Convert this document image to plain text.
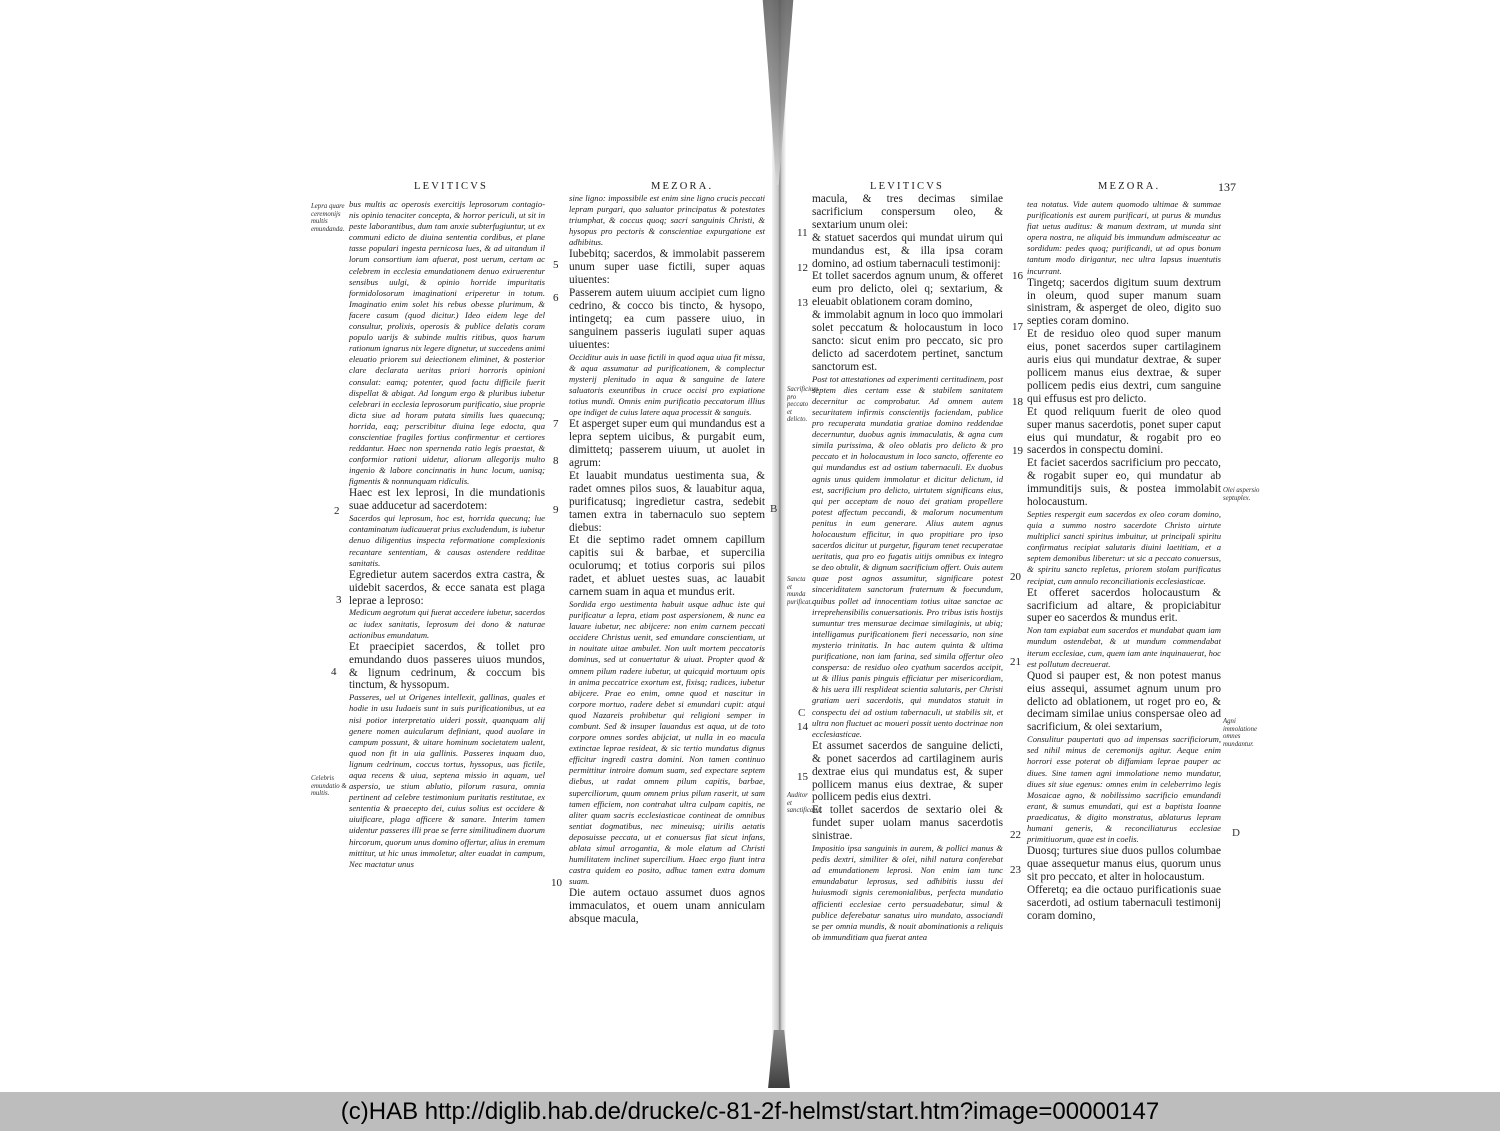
LEVITICVS	MEZORA.	LEVITICVS	MEZORA.	137

bus multis ac operosis exercitijs leprosorum contagio-nis opinio tenaciter concepta, & horror periculi, ut sit in peste laborantibus, dum tam anxie subterfugiuntur, ut ex communi edicto de diuina sententia cordibus, et plane tasse populari ingesta pernicosa lues, & ad uitandum il lorum consortium iam afuerat, post uerum, certam ac celebrem in ecclesia emundationem denuo exiruerentur sensibus uulgi, & opinio horride impuritatis formidolosorum imaginationi eriperetur in totum. Imaginatio enim solet his rebus obesse plurimum, & facere casum (quod dicitur.) Ideo eidem lege del consultur, prolixis, operosis & publice delatis coram populo uarijs & subinde multis ritibus, quos harum rationum ignarus nix legere dignetur, ut succedens animi eleuatio priorem sui deiectionem eliminet, & posterior clare declarata ueritas priori horroris opinioni consulat: eamq; potenter, quod factu difficile fuerit dispellat & abigat. Ad longum ergo & pluribus iubetur celebrari in ecclesia leprosorum purificatio, siue proprie dicta siue ad horam putata similis lues quaecunq; horrida, eaq; perscribitur diuina lege edocta, qua conscientiae fragiles fortius confirmentur et certiores reddantur. Haec non spernenda ratio legis praestat, & conformior rationi uidetur, aliorum allegorijs multo ingenio & labore concinnatis in hunc locum, uanisq; figmentis & nonnunquam ridiculis.

Haec est lex leprosi, In die mundationis suae adducetur ad sacerdotem:

Sacerdos qui leprosum, hoc est, horrida quecunq; lue contaminatum iudicauerat prius excludendum, is iubetur denuo diligentius inspecta reformatione complexionis recantare sententiam, & causas ostendere redditae sanitatis.

Egredietur autem sacerdos extra castra, & uidebit sacerdos, & ecce sanata est plaga leprae a leproso:

Medicum aegrotum qui fuerat accedere iubetur, sacerdos ac iudex sanitatis, leprosum dei dono & naturae actionibus emundatum.

Et praecipiet sacerdos, & tollet pro emundando duos passeres uiuos mundos, & lignum cedrinum, & coccum bis tinctum, & hyssopum.

Passeres, uel ut Origenes intellexit, gallinas, quales et hodie in usu Iudaeis sunt in suis purificationibus, ut ea nisi potior interpretatio uideri possit, quanquam alij genere nomen auicularum definiant, quod auolare in campum possunt, & uitare hominum societatem ualent, quod non fit in uia gallinis. Passeres inquam duo, lignum cedrinum, coccus tortus, hyssopus, uas fictile, aqua recens & uiua, septena missio in aquam, uel aspersio, ue stium ablutio, pilorum rasura, omnia pertinent ad celebre testimonium puritatis restitutae, ex sententia & praecepto dei, cuius solius est occidere & uiuificare, plaga afficere & sanare. Interim tamen uidentur passeres illi prae se ferre similitudinem duorum hircorum, quorum unus domino offertur, alius in eremum mittitur, ut hic unus immoletur, alter euadat in campum, Nec mactatur unus

sine ligno: impossibile est enim sine ligno crucis peccati lepram purgari, quo saluator principatus & potestates triumphat, & coccus quoq; sacri sanguinis Christi, & hysopus pro pectoris & conscientiae expurgatione est adhibitus.

Iubebitq; sacerdos, & immolabit passerem unum super uase fictili, super aquas uiuentes:

Passerem autem uiuum accipiet cum ligno cedrino, & cocco bis tincto, & hysopo, intingetq; ea cum passere uiuo, in sanguinem passeris iugulati super aquas uiuentes:

Occiditur auis in uase fictili in quod aqua uiua fit missa, & aqua assumatur ad purificationem, & complectur mysterij plenitudo in aqua & sanguine de latere saluatoris exeuntibus in cruce occisi pro expiatione totius mundi. Omnis enim purificatio peccatorum illius ope indiget de cuius latere aqua processit & sanguis.

Et asperget super eum qui mundandus est a lepra septem uicibus, & purgabit eum, dimittetq; passerem uiuum, ut auolet in agrum:

Et lauabit mundatus uestimenta sua, & radet omnes pilos suos, & lauabitur aqua, purificatusq; ingredietur castra, sedebit tamen extra in tabernaculo suo septem diebus:

Et die septimo radet omnem capillum capitis sui & barbae, et supercilia oculorumq; et totius corporis sui pilos radet, et abluet uestes suas, ac lauabit carnem suam in aqua et mundus erit.

Sordida ergo uestimenta habuit usque adhuc iste qui purificatur a lepra, etiam post aspersionem, & nunc ea lauare iubetur, nec abijcere: non enim carnem peccati occidere Christus uenit, sed emundare conscientiam, ut in nouitate uitae ambulet. Non uult mortem peccatoris dominus, sed ut conuertatur & uiuat. Propter quod & omnem pilum radere iubetur, ut quicquid mortuum opis in anima peccatrice exortum est, fixisq; radices, iubetur abijcere. Prae eo enim, omne quod et nascitur in corpore mortuo, radere debet si emundari cupit: atqui quod Nazareis prohibetur qui religioni semper in combunt. Sed & insuper lauandus est aqua, ut de toto corpore omnes sordes abijciat, ut nulla in eo macula extinctae leprae resideat, & sic tertio mundatus dignus efficitur ingredi castra domini. Non tamen continuo permittitur introire domum suam, sed expectare septem diebus, ut radat omnem pilum capitis, barbae, superciliorum, quum omnem prius pilum raserit, ut sam tamen efficiem, non contrahat ultra culpam capitis, ne aliter quam sacris ecclesiasticae contineat de omnibus sentiat dogmatibus, nec mineuisq; uirilis aetatis deposuisse peccata, ut et conuersus fiat sicut infans, ablata simul arrogantia, & mole elatum ad Christi humilitatem inclinet supercilium. Haec ergo fiunt intra castra quidem eo posito, adhuc tamen extra domum suam.

Die autem octauo assumet duos agnos immaculatos, et ouem unam anniculam absque macula,

macula, & tres decimas similae sacrificium conspersum oleo, & sextarium unum olei:

& statuet sacerdos qui mundat uirum qui mundandus est, & illa ipsa coram domino, ad ostium tabernaculi testimonij:

Et tollet sacerdos agnum unum, & offeret eum pro delicto, olei q; sextarium, & eleuabit oblationem coram domino,

& immolabit agnum in loco quo immolari solet peccatum & holocaustum in loco sancto: sicut enim pro peccato, sic pro delicto ad sacerdotem pertinet, sanctum sanctorum est.

Post tot attestationes ad experimenti certitudinem, post septem dies certam esse & stabilem sanitatem decernitur ac comprobatur. Ad omnem autem securitatem infirmis conscientijs faciendam, publice pro recuperata mundatia gratiae domino reddendae decernuntur, duobus agnis immaculatis, & agna cum simila purissima, & oleo oblatis pro delicto & pro peccato et in holocaustum in loco sancto, offerente eo qui mundandus est ad ostium tabernaculi. Ex duobus agnis unus quidem immolatur et dicitur delictum, id est, sacrificium pro delicto, uirtutem significans eius, qui per acceptam de nouo dei gratiam propellere potest affectum peccandi, & malorum nocumentum penitus in eum generare. Alius autem agnus holocaustum efficitur, in quo propitiare pro ipso sacerdos dicitur ut purgetur, figuram tenet recuperatae ueritatis, qua pro eo fugatis uitijs omnibus ex integro se deo obtulit, & dignum sacrificium offert. Ouis autem quae post agnos assumitur, significare potest sinceriditatem sanctorum fraternum & foecundum, quibus pollet ad innocentiam totius uitae sanctae ac irreprehensibilis conuersationis. Pro tribus istis hostijs sumuntur tres mensurae decimae similaginis, ut ubiq; intelligamus purificationem fieri necessario, non sine mysterio trinitatis. In hac autem quinta & ultima purificatione, non iam farina, sed simila offertur oleo conspersa: de residuo oleo cyathum sacerdos accipit, ut & illius panis pinguis efficiatur per misericordiam, & his uera illi resplideat scientia salutaris, per Christi gratiam ueri sacerdotis, qui mundatos statuit in conspectu dei ad ostium tabernaculi, ut stabilis sit, et ultra non fluctuet ac moueri possit uento doctrinae non ecclesiasticae.

Et assumet sacerdos de sanguine delicti, & ponet sacerdos ad cartilaginem auris dextrae eius qui mundatus est, & super pollicem manus eius dextrae, & super pollicem pedis eius dextri.

Et tollet sacerdos de sextario olei & fundet super uolam manus sacerdotis sinistrae.

Impositio ipsa sanguinis in aurem, & pollici manus & pedis dextri, similiter & olei, nihil natura conferebat ad emundationem leprosi. Non enim iam tunc emundabatur leprosus, sed adhibitis iussu dei huiusmodi signis ceremonialibus, perfecta mundatio afficienti ecclesiae certo persuadebatur, simul & publice deferebatur sanatus uiro mundato, associandi se per omnia mundis, & nouit abominationis a reliquis ob immunditiam qua fuerat antea

tea notatus. Vide autem quomodo ultimae & summae purificationis est aurem purificari, ut purus & mundus fiat uetus auditus: & manum dextram, ut munda sint opera nostra, ne aliquid bis immundum admisceatur ac sordidum: pedes quoq; purificandi, ut ad opus bonum tantum modo dirigantur, nec ultra lapsus inuentutis incurrant.

Tingetq; sacerdos digitum suum dextrum in oleum, quod super manum suam sinistram, & asperget de oleo, digito suo septies coram domino.

Et de residuo oleo quod super manum eius, ponet sacerdos super cartilaginem auris eius qui mundatur dextrae, & super pollicem manus eius dextrae, & super pollicem pedis eius dextri, cum sanguine qui effusus est pro delicto.

Et quod reliquum fuerit de oleo quod super manus sacerdotis, ponet super caput eius qui mundatur, & rogabit pro eo sacerdos in conspectu domini.

Et faciet sacerdos sacrificium pro peccato, & rogabit super eo, qui mundatur ab immunditijs suis, & postea immolabit holocaustum.

Septies respergit eum sacerdos ex oleo coram domino, quia a summo nostro sacerdote Christo uirtute multiplici sancti spiritus imbuitur, ut principali spiritu confirmatus recipiat salutaris diuini laetitiam, et a septem demonibus liberetur: ut sic a peccato conuersus, & spiritu sancto repletus, priorem stolam purificatus recipiat, cum annulo reconciliationis ecclesiasticae.

Et offeret sacerdos holocaustum & sacrificium ad altare, & propiciabitur super eo sacerdos & mundus erit.

Non tam expiabat eum sacerdos et mundabat quam iam mundum ostendebat, & ut mundum commendabat iterum ecclesiae, cum, quem iam ante inquinauerat, hoc est pollutum decreuerat.

Quod si pauper est, & non potest manus eius assequi, assumet agnum unum pro delicto ad oblationem, ut roget pro eo, & decimam similae unius conspersae oleo ad sacrificium, & olei sextarium,

Consulitur paupertati quo ad impensas sacrificiorum, sed nihil minus de ceremonijs agitur. Aeque enim horrori esse poterat ob diffamiam leprae pauper ac diues. Sine tamen agni immolatione nemo mundatur, diues sit siue egenus: omnes enim in celeberrimo legis Mosaicae agno, & nobilissimo sacrificio emundandi erant, & sumus emundati, qui est a baptista Ioanne praedicatus, & digito monstratus, ablaturus lepram humani generis, & reconciliaturus ecclesiae primitiuorum, quae est in coelis.

Duosq; turtures siue duos pullos columbae quae assequetur manus eius, quorum unus sit pro peccato, et alter in holocaustum.

Offeretq; ea die octauo purificationis suae sacerdoti, ad ostium tabernaculi testimonij coram domino,

Lepra quare ceremonijs multis emundanda.

Celebris emundatio & multis.

Sacrificium pro peccato et delicto.

Sancta et munda purificat.

Auditor et sanctificatur.

Olei aspersio septuplex.

Agni immolatione omnes mundantur.

2
3
4
5
6
7
8
9
10
11
12
13
14
15
16
17
18
19
20
21
22
23
B
C
D
(c)HAB http://diglib.hab.de/drucke/c-81-2f-helmst/start.htm?image=00000147
